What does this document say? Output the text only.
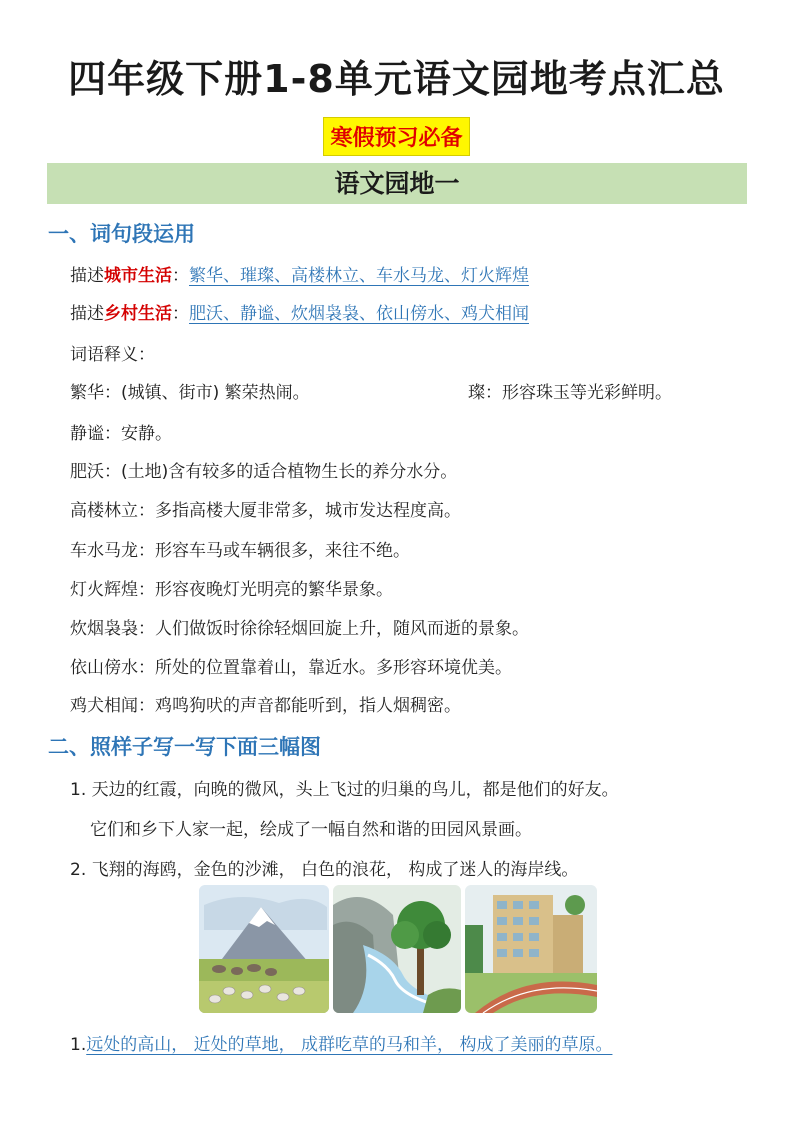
四年级下册1-8单元语文园地考点汇总
寒假预习必备
语文园地一
一、词句段运用
描述城市生活：繁华、璀璨、高楼林立、车水马龙、灯火辉煌
描述乡村生活：肥沃、静谧、炊烟袅袅、依山傍水、鸡犬相闻
词语释义：
繁华：(城镇、街市) 繁荣热闹。	璨：形容珠玉等光彩鲜明。
静谧：安静。
肥沃：(土地)含有较多的适合植物生长的养分水分。
高楼林立：多指高楼大厦非常多，城市发达程度高。
车水马龙：形容车马或车辆很多，来往不绝。
灯火辉煌：形容夜晚灯光明亮的繁华景象。
炊烟袅袅：人们做饭时徐徐轻烟回旋上升，随风而逝的景象。
依山傍水：所处的位置靠着山，靠近水。多形容环境优美。
鸡犬相闻：鸡鸣狗吠的声音都能听到，指人烟稠密。
二、照样子写一写下面三幅图
1. 天边的红霞，向晚的微风，头上飞过的归巢的鸟儿，都是他们的好友。
它们和乡下人家一起，绘成了一幅自然和谐的田园风景画。
2. 飞翔的海鸥，金色的沙滩， 白色的浪花， 构成了迷人的海岸线。
1.远处的高山， 近处的草地， 成群吃草的马和羊， 构成了美丽的草原。
